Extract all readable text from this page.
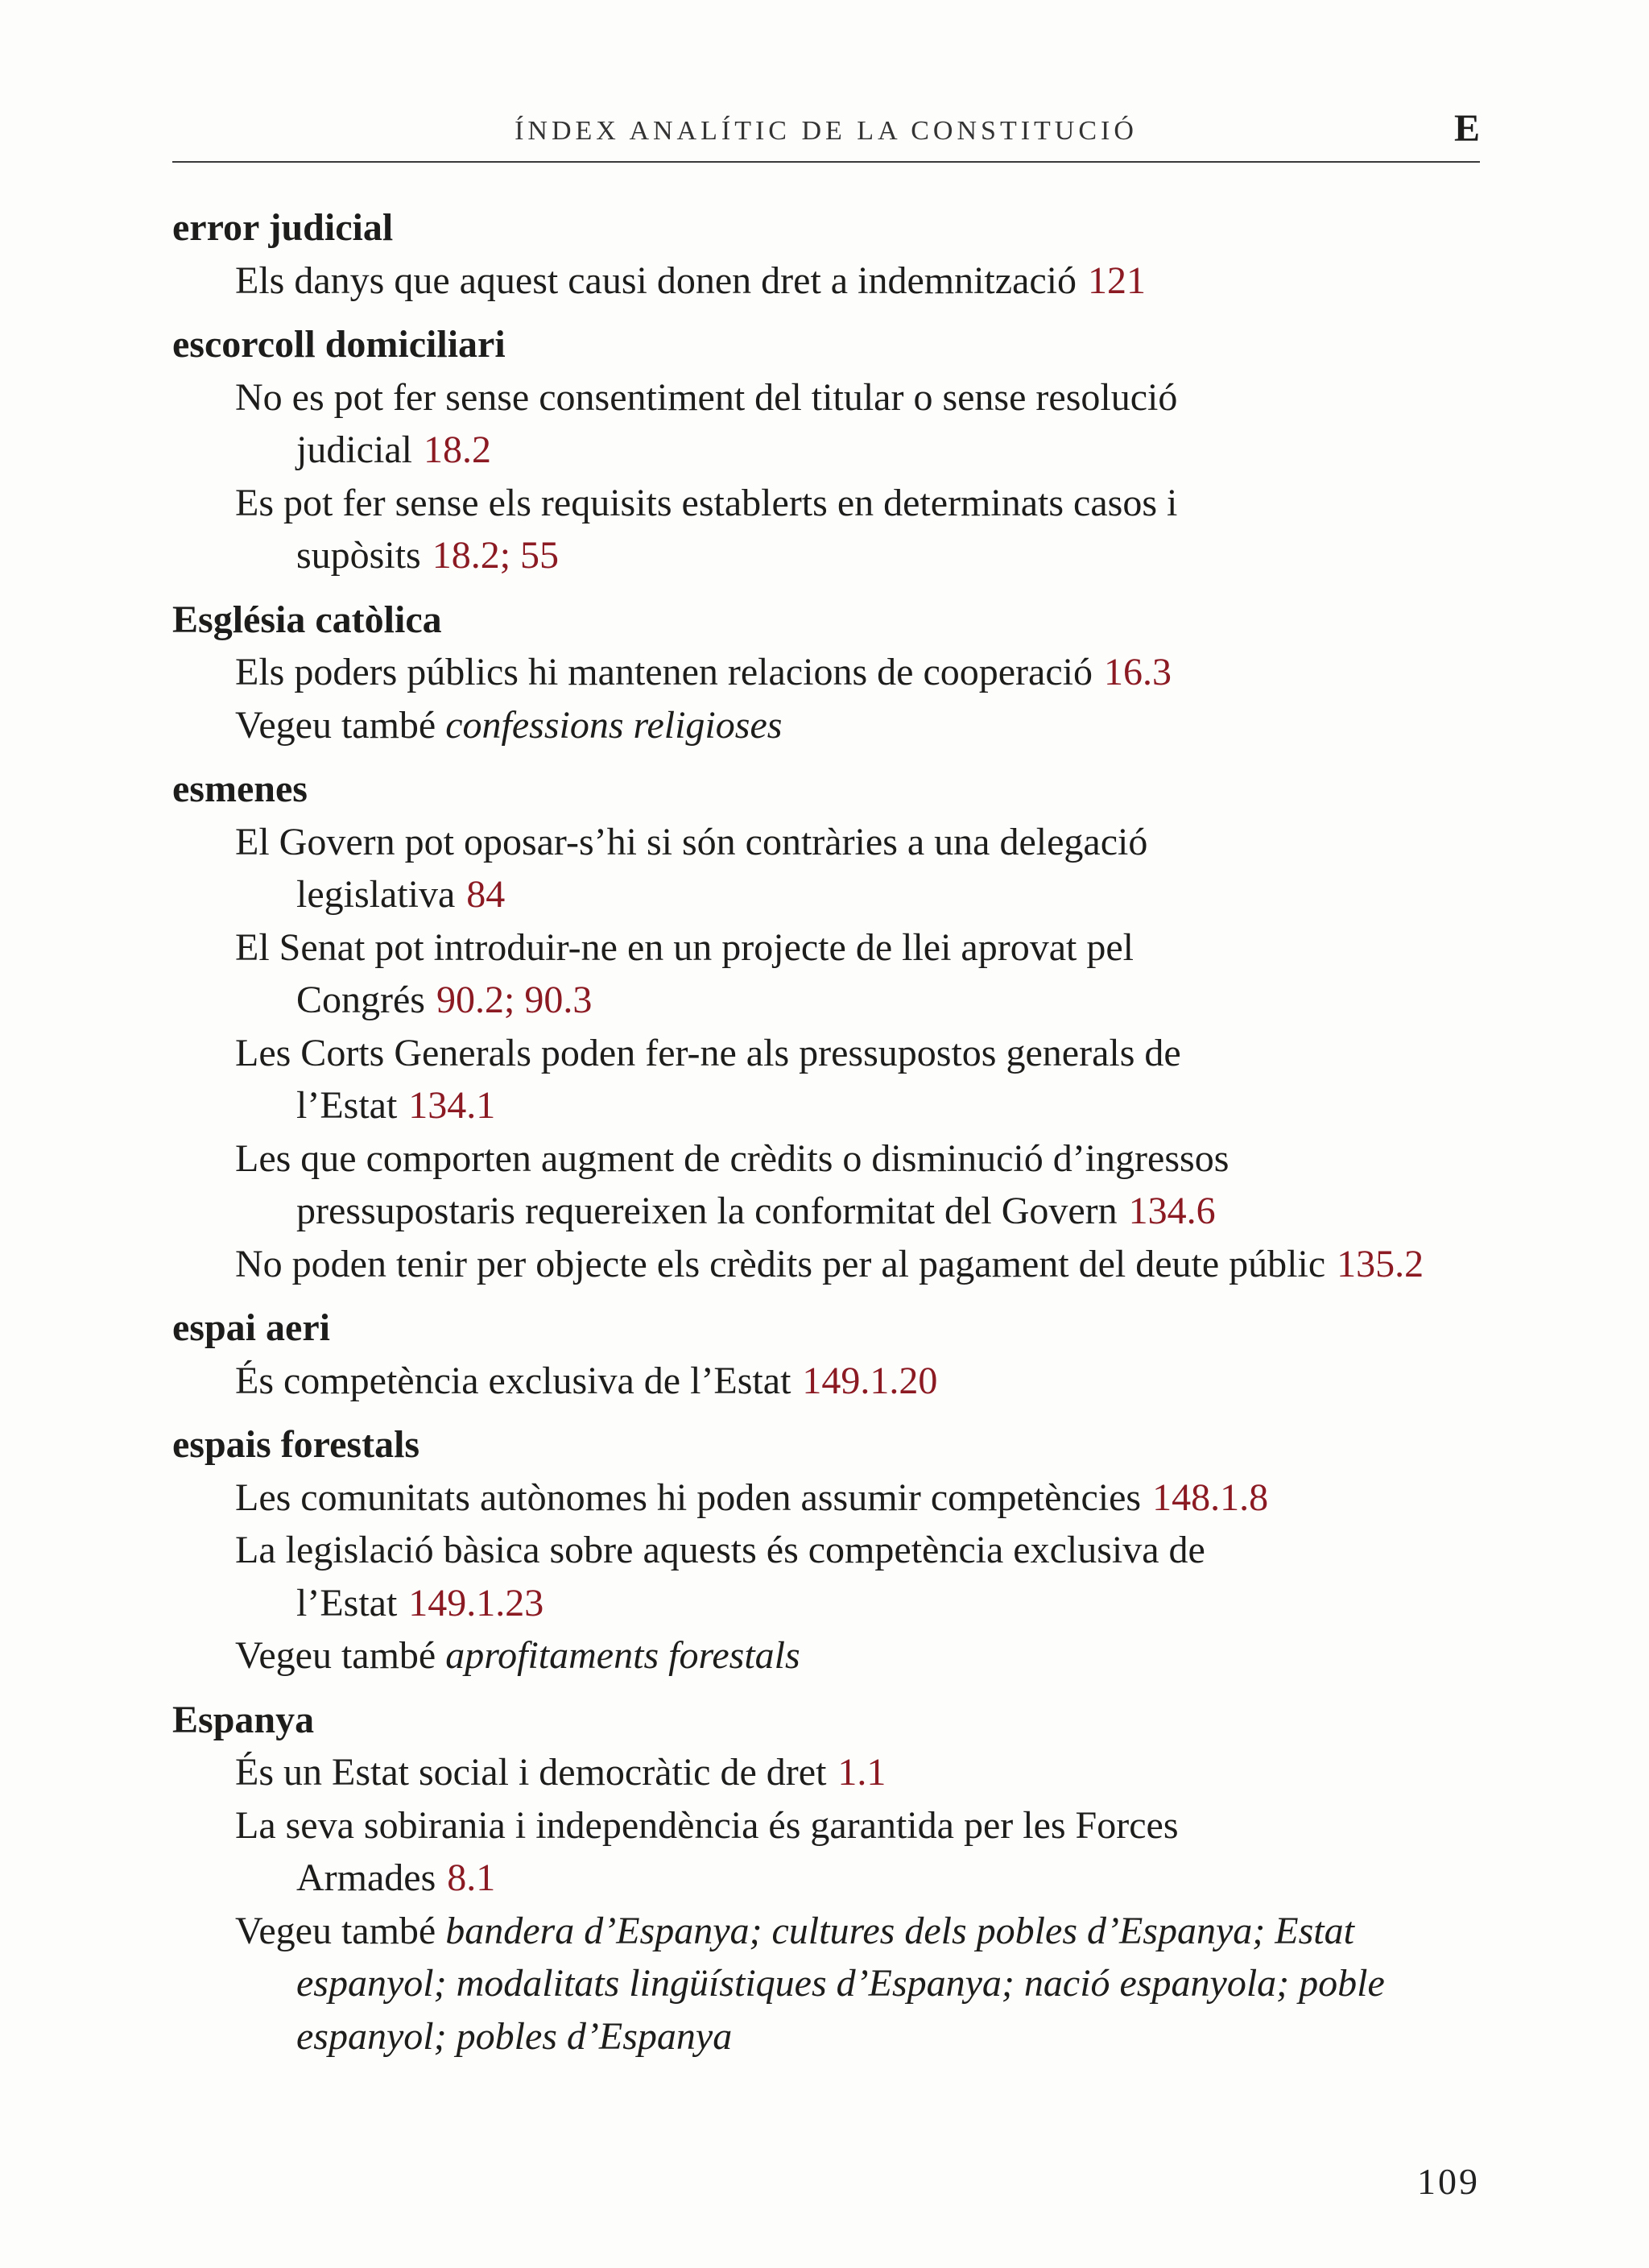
ÍNDEX ANALÍTIC DE LA CONSTITUCIÓ	E
error judicial
Els danys que aquest causi donen dret a indemnització 121
escorcoll domiciliari
No es pot fer sense consentiment del titular o sense resolució judicial 18.2
Es pot fer sense els requisits establerts en determinats casos i supòsits 18.2; 55
Església catòlica
Els poders públics hi mantenen relacions de cooperació 16.3
Vegeu també confessions religioses
esmenes
El Govern pot oposar-s’hi si són contràries a una delegació legislativa 84
El Senat pot introduir-ne en un projecte de llei aprovat pel Congrés 90.2; 90.3
Les Corts Generals poden fer-ne als pressupostos generals de l’Estat 134.1
Les que comporten augment de crèdits o disminució d’ingressos pressupostaris requereixen la conformitat del Govern 134.6
No poden tenir per objecte els crèdits per al pagament del deute públic 135.2
espai aeri
És competència exclusiva de l’Estat 149.1.20
espais forestals
Les comunitats autònomes hi poden assumir competències 148.1.8
La legislació bàsica sobre aquests és competència exclusiva de l’Estat 149.1.23
Vegeu també aprofitaments forestals
Espanya
És un Estat social i democràtic de dret 1.1
La seva sobirania i independència és garantida per les Forces Armades 8.1
Vegeu també bandera d’Espanya; cultures dels pobles d’Espanya; Estat espanyol; modalitats lingüístiques d’Espanya; nació espanyola; poble espanyol; pobles d’Espanya
109
